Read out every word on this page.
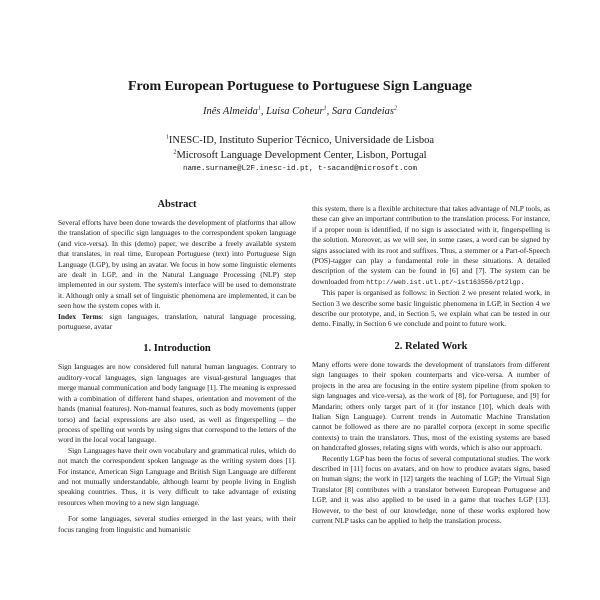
From European Portuguese to Portuguese Sign Language
Inês Almeida$^1$, Luísa Coheur$^1$, Sara Candeias$^2$
$^1$INESC-ID, Instituto Superior Técnico, Universidade de Lisboa
$^2$Microsoft Language Development Center, Lisbon, Portugal
name.surname@L2F.inesc-id.pt, t-sacand@microsoft.com
Abstract

Several efforts have been done towards the development of platforms that allow the translation of specific sign languages to the correspondent spoken language (and vice-versa). In this (demo) paper, we describe a freely available system that translates, in real time, European Portuguese (text) into Portuguese Sign Language (LGP), by using an avatar. We focus in how some linguistic elements are dealt in LGP, and in the Natural Language Processing (NLP) step implemented in our system. The system's interface will be used to demonstrate it. Although only a small set of linguistic phenomena are implemented, it can be seen how the system copes with it.

Index Terms: sign languages, translation, natural language processing, portuguese, avatar

1. Introduction

Sign languages are now considered full natural human languages. Contrary to auditory-vocal languages, sign languages are visual-gestural languages that merge manual communication and body language [1]. The meaning is expressed with a combination of different hand shapes, orientation and movement of the hands (manual features). Non-manual features, such as body movements (upper torso) and facial expressions are also used, as well as fingerspelling – the process of spelling out words by using signs that correspond to the letters of the word in the local vocal language.

Sign Languages have their own vocabulary and grammatical rules, which do not match the correspondent spoken language as the writing system does [1]. For instance, American Sign Language and British Sign Language are different and not mutually understandable, although learnt by people living in English speaking countries. Thus, it is very difficult to take advantage of existing resources when moving to a new sign language.

For some languages, several studies emerged in the last years, with their focus ranging from linguistic and humanistic

this system, there is a flexible architecture that takes advantage of NLP tools, as these can give an important contribution to the translation process. For instance, if a proper noun is identified, if no sign is associated with it, fingerspelling is the solution. Moreover, as we will see, in some cases, a word can be signed by signs associated with its root and suffixes. Thus, a stemmer or a Part-of-Speech (POS)-tagger can play a fundamental role in these situations. A detailed description of the system can be found in [6] and [7]. The system can be downloaded from http://web.ist.utl.pt/~ist163556/pt2lgp.

This paper is organised as follows: in Section 2 we present related work, in Section 3 we describe some basic linguistic phenomena in LGP, in Section 4 we describe our prototype, and, in Section 5, we explain what can be tested in our demo. Finally, in Section 6 we conclude and point to future work.

2. Related Work

Many efforts were done towards the development of translators from different sign languages to their spoken counterparts and vice-versa. A number of projects in the area are focusing in the entire system pipeline (from spoken to sign languages and vice-versa), as the work of [8], for Portuguese, and [9] for Mandarin; others only target part of it (for instance [10], which deals with Italian Sign Language). Current trends in Automatic Machine Translation cannot be followed as there are no parallel corpora (except in some specific contexts) to train the translators. Thus, most of the existing systems are based on handcrafted glosses, relating signs with words, which is also our approach.

Recently LGP has been the focus of several computational studies. The work described in [11] focus on avatars, and on how to produce avatars signs, based on human signs; the work in [12] targets the teaching of LGP; the Virtual Sign Translator [8] contributes with a translator between European Portuguese and LGP, and it was also applied to be used in a game that teaches LGP [13]. However, to the best of our knowledge, none of these works explored how current NLP tasks can be applied to help the translation process.
